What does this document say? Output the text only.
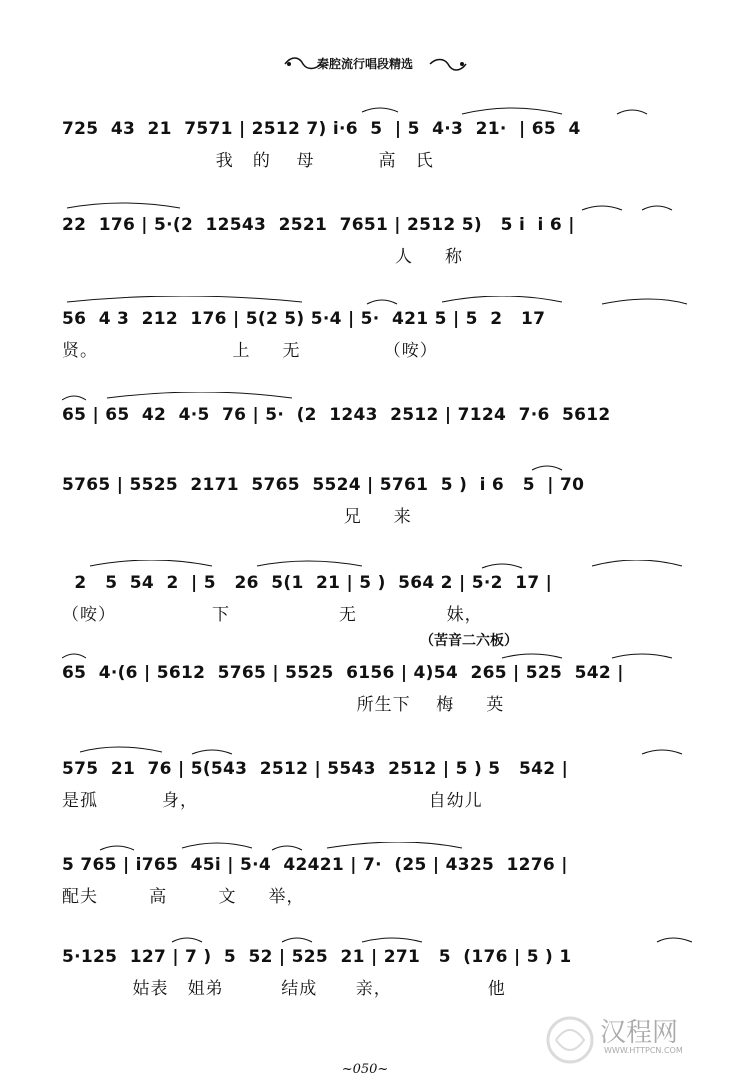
秦腔流行唱段精选
725  43  21  7571 | 2512 7) i·6  5  | 5  4·3  21·  | 65  4
我   的    母          高   氏
22  176 | 5·(2  12543  2521  7651 | 2512 5)   5 i  i 6 |
人     称
56  4 3  212  176 | 5(2 5) 5·4 | 5·  421 5 | 5  2   17
贤。                     上     无             （咹）
65 | 65  42  4·5  76 | 5·  (2  1243  2512 | 7124  7·6  5612
5765 | 5525  2171  5765  5524 | 5761  5 )  i 6   5  | 70
兄     来
2   5  54  2  | 5   26  5(1  21 | 5 )  564 2 | 5·2  17 |
（咹）               下                 无              妹，
（苦音二六板）
65  4·(6 | 5612  5765 | 5525  6156 | 4)54  265 | 525  542 |
所生下    梅     英
575  21  76 | 5(543  2512 | 5543  2512 | 5 ) 5   542 |
是孤          身，                                    自幼儿
5 765 | i765  45i | 5·4  42421 | 7·  (25 | 4325  1276 |
配夫        高        文     举，
5·125  127 | 7 )  5  52 | 525  21 | 271   5  (176 | 5 ) 1
姑表   姐弟         结成      亲，               他
汉程网
WWW.HTTPCN.COM
~050~
